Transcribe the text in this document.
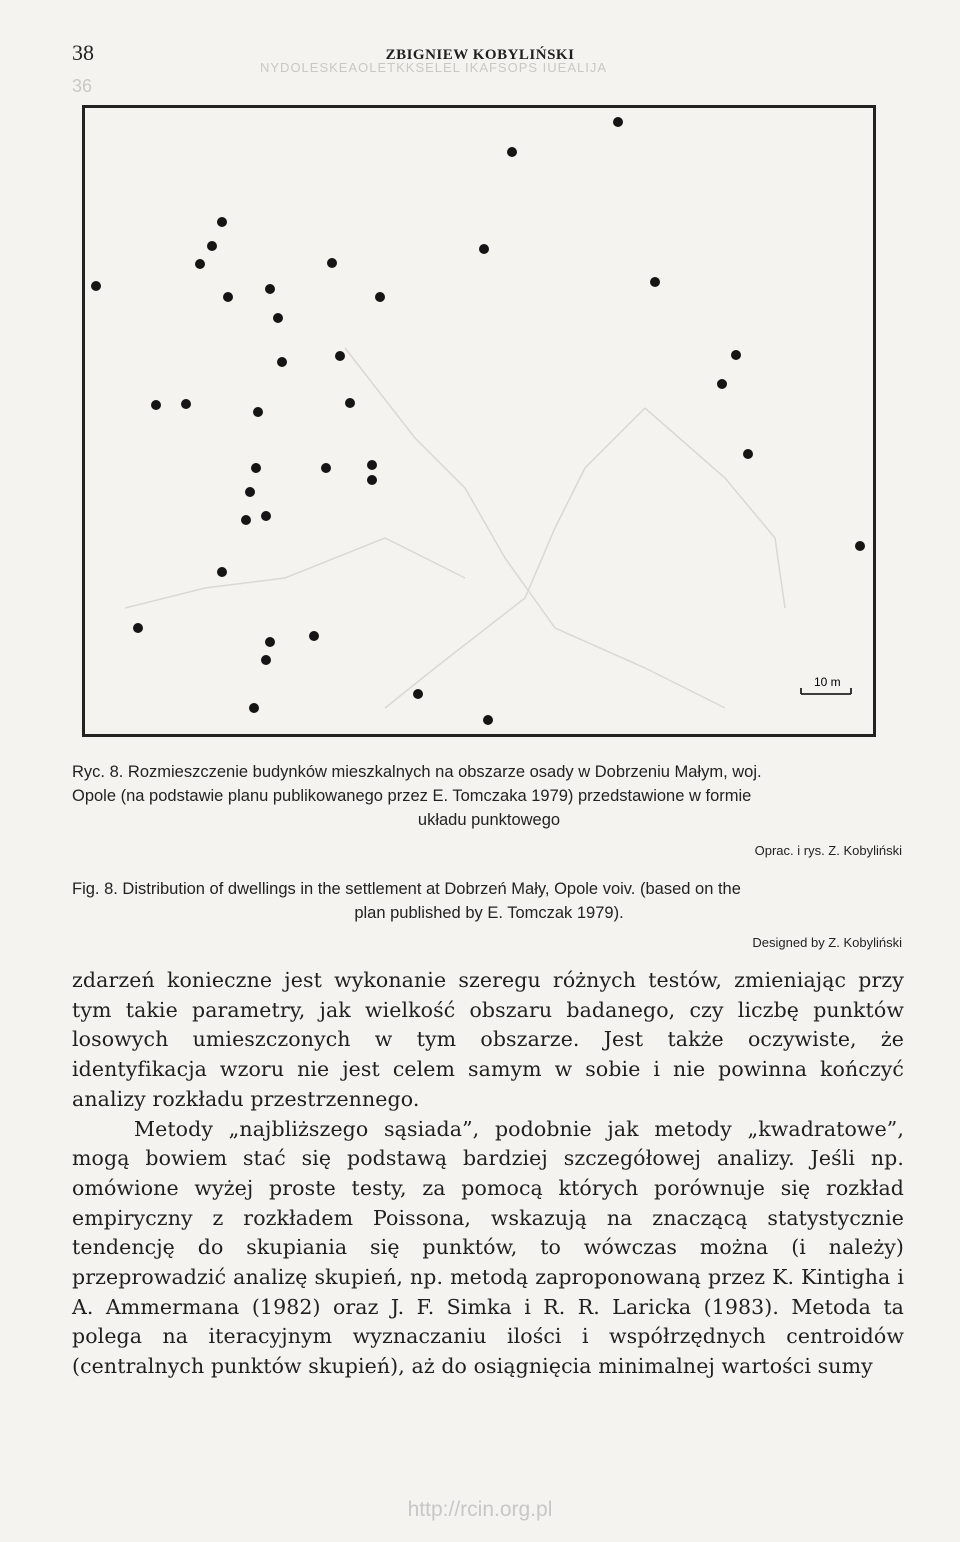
NYDOLESKEAOLETKKSELEL IKAFSOPS IUEALIJA
36
38	ZBIGNIEW KOBYLIŃSKI
10 m
Ryc. 8. Rozmieszczenie budynków mieszkalnych na obszarze osady w Dobrzeniu Małym, woj.
Opole (na podstawie planu publikowanego przez E. Tomczaka 1979) przedstawione w formie
układu punktowego
Oprac. i rys. Z. Kobyliński
Fig. 8. Distribution of dwellings in the settlement at Dobrzeń Mały, Opole voiv. (based on the
plan published by E. Tomczak 1979).
Designed by Z. Kobyliński

zdarzeń konieczne jest wykonanie szeregu różnych testów, zmieniając przy tym takie parametry, jak wielkość obszaru badanego, czy liczbę punktów losowych umieszczonych w tym obszarze. Jest także oczywiste, że identyfikacja wzoru nie jest celem samym w sobie i nie powinna kończyć analizy rozkładu przestrzennego.

Metody „najbliższego sąsiada”, podobnie jak metody „kwadratowe”, mogą bowiem stać się podstawą bardziej szczegółowej analizy. Jeśli np. omówione wyżej proste testy, za pomocą których porównuje się rozkład empiryczny z rozkładem Poissona, wskazują na znaczącą statystycznie tendencję do skupiania się punktów, to wówczas można (i należy) przeprowadzić analizę skupień, np. metodą zaproponowaną przez K. Kintigha i A. Ammermana (1982) oraz J. F. Simka i R. R. Laricka (1983). Metoda ta polega na iteracyjnym wyznaczaniu ilości i współrzędnych centroidów (centralnych punktów skupień), aż do osiągnięcia minimalnej wartości sumy

http://rcin.org.pl
